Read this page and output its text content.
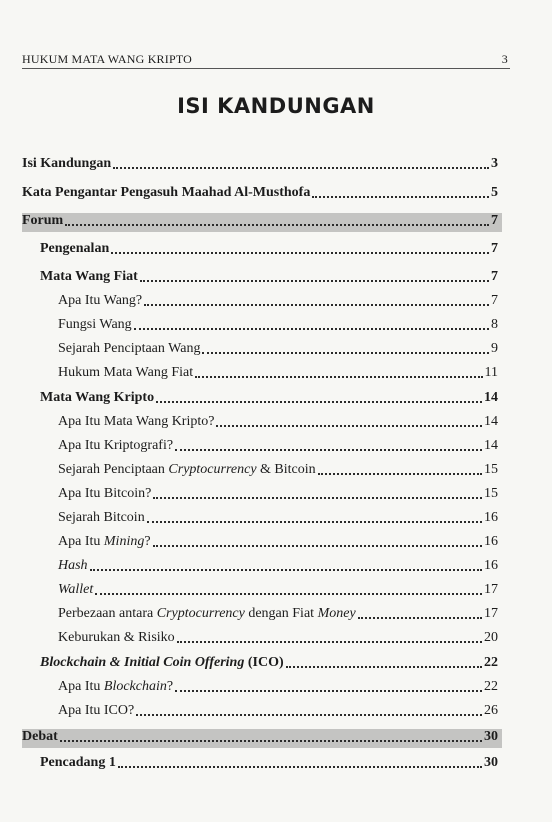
HUKUM MATA WANG KRIPTO	3
ISI KANDUNGAN
Isi Kandungan	3
Kata Pengantar Pengasuh Maahad Al-Musthofa	5
Forum	7
Pengenalan	7
Mata Wang Fiat	7
Apa Itu Wang?	7
Fungsi Wang	8
Sejarah Penciptaan Wang	9
Hukum Mata Wang Fiat	11
Mata Wang Kripto	14
Apa Itu Mata Wang Kripto?	14
Apa Itu Kriptografi?	14
Sejarah Penciptaan Cryptocurrency & Bitcoin	15
Apa Itu Bitcoin?	15
Sejarah Bitcoin	16
Apa Itu Mining?	16
Hash	16
Wallet	17
Perbezaan antara Cryptocurrency dengan Fiat Money	17
Keburukan & Risiko	20
Blockchain & Initial Coin Offering (ICO)	22
Apa Itu Blockchain?	22
Apa Itu ICO?	26
Debat	30
Pencadang 1	30
